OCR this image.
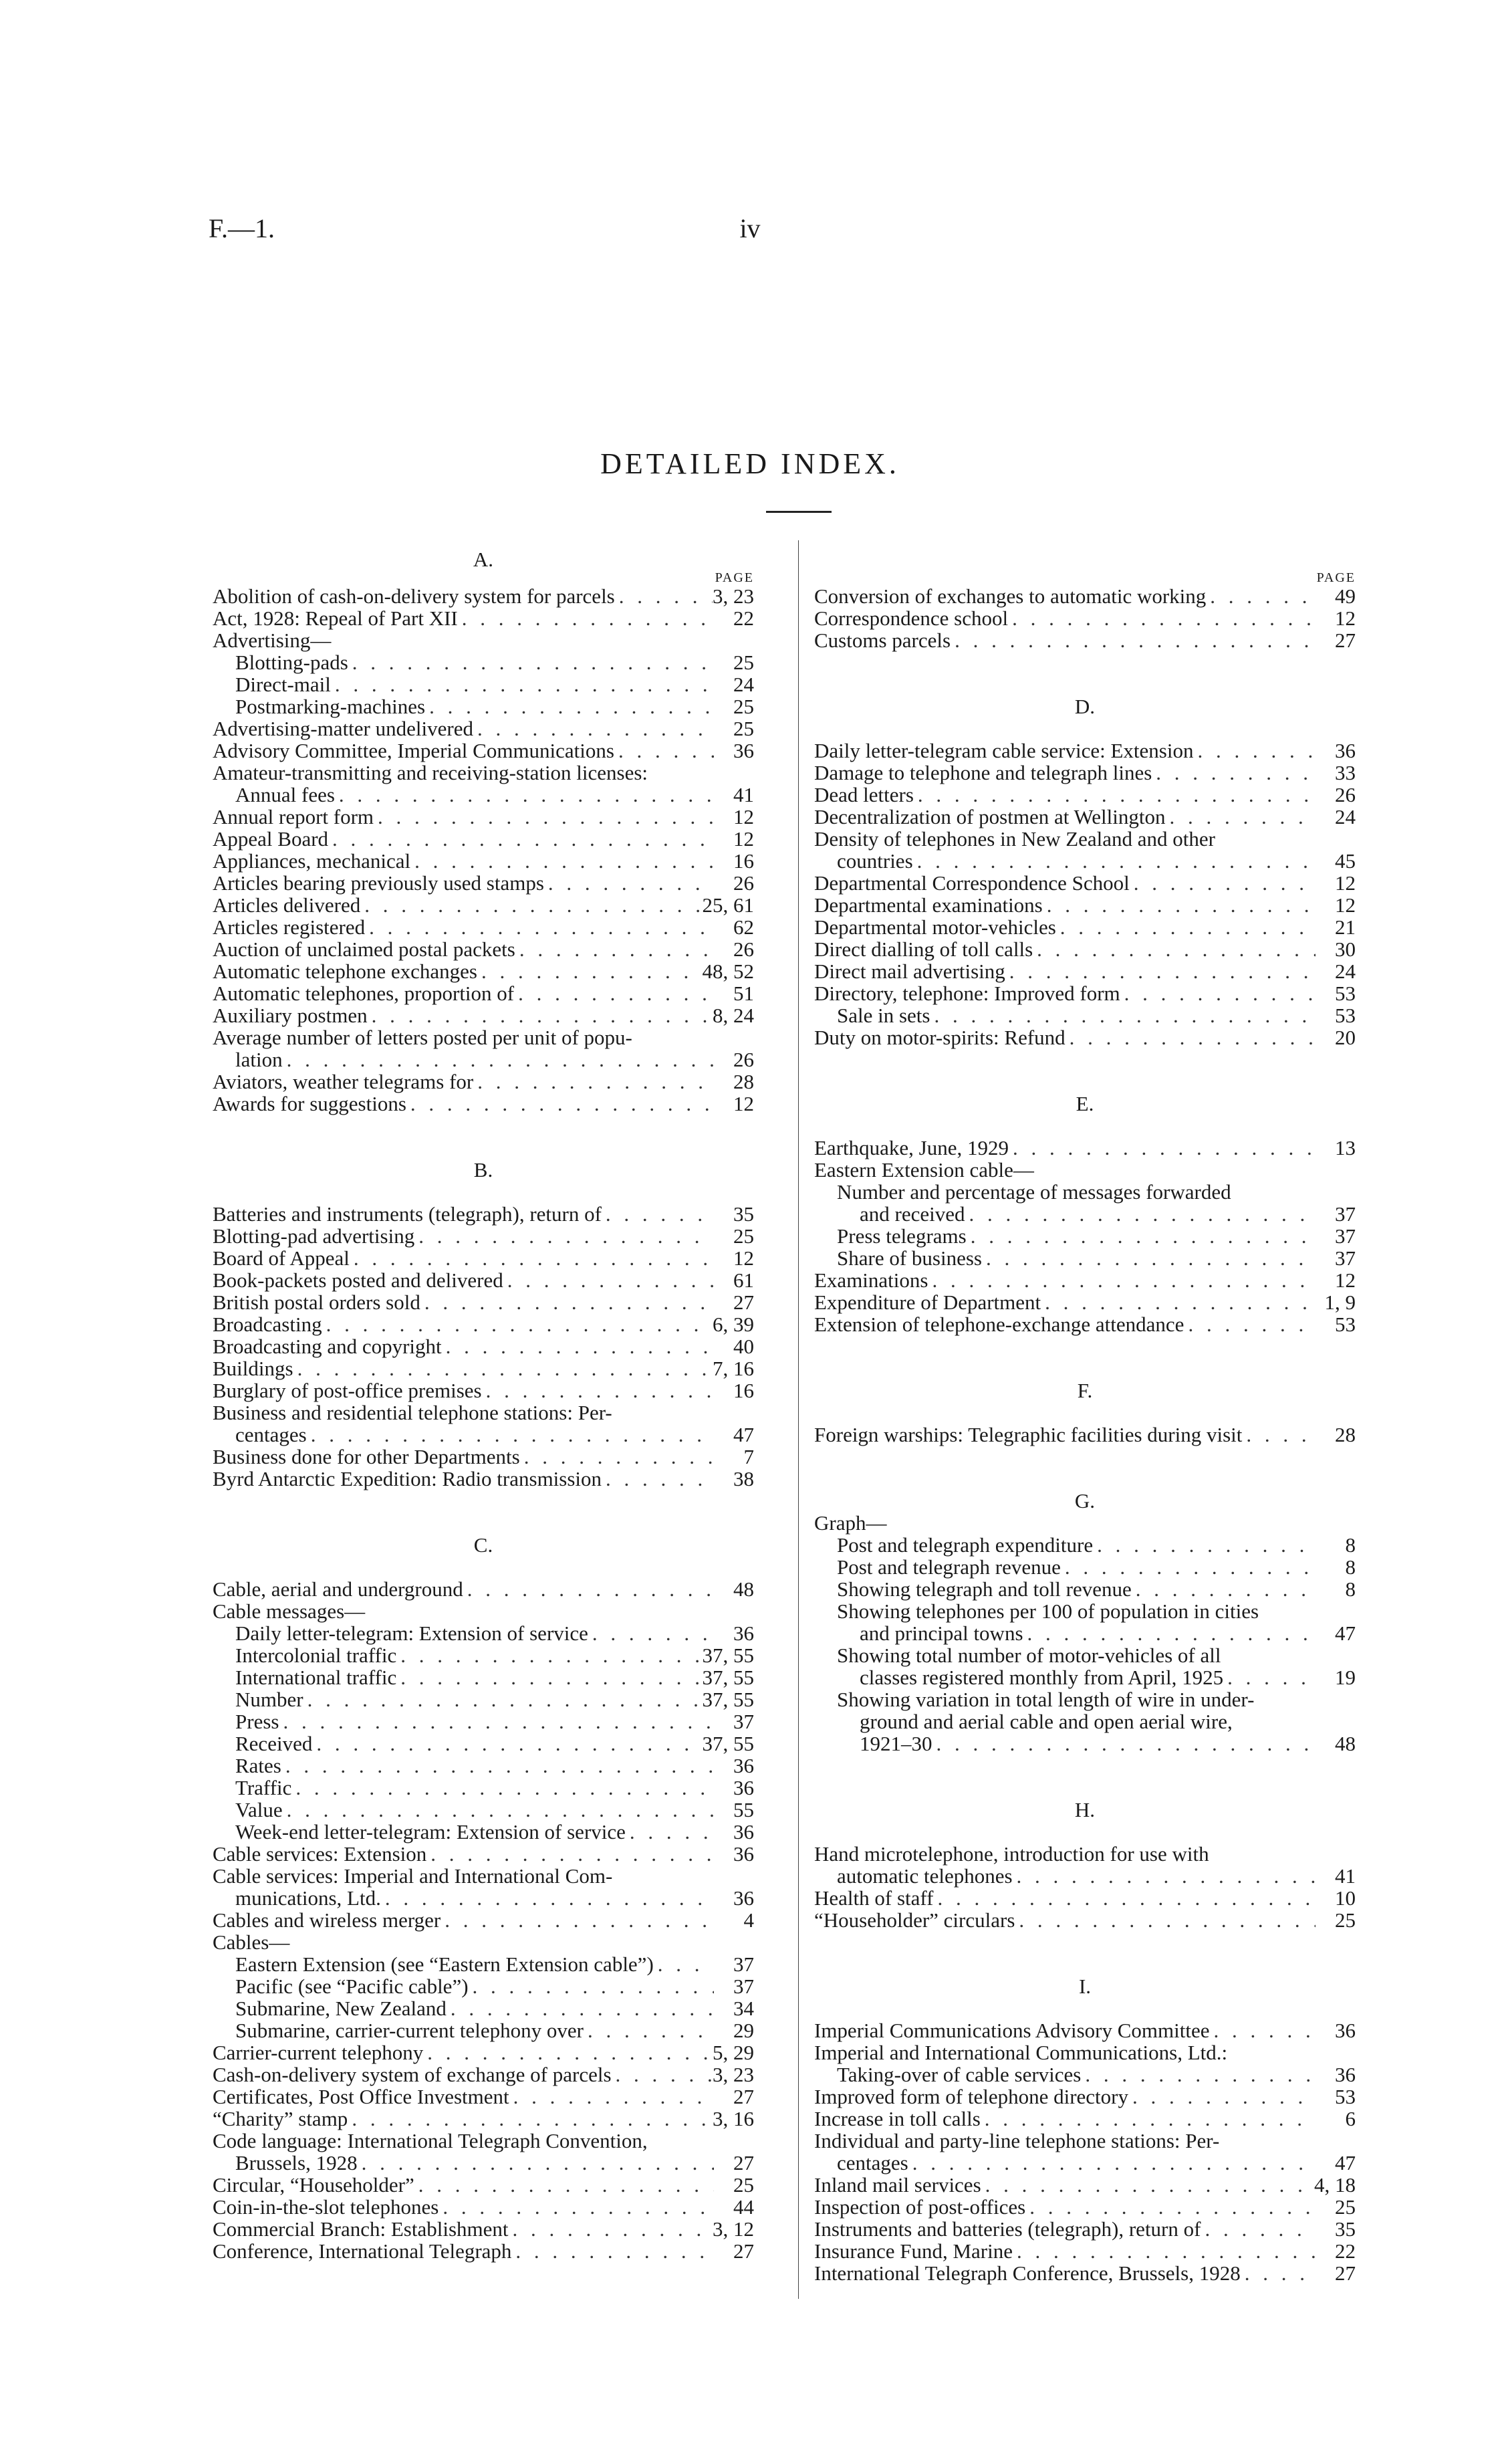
F.—1.	iv
DETAILED INDEX.
A.
PAGE
Abolition of cash-on-delivery system for parcels . . .	3, 23
Act, 1928: Repeal of Part XII . . .	22
Advertising—
Blotting-pads . . .	25
Direct-mail . . .	24
Postmarking-machines . . .	25
Advertising-matter undelivered . . .	25
Advisory Committee, Imperial Communications . . .	36
Amateur-transmitting and receiving-station licenses:
Annual fees . . .	41
Annual report form . . .	12
Appeal Board . . .	12
Appliances, mechanical . . .	16
Articles bearing previously used stamps . . .	26
Articles delivered . . .	25, 61
Articles registered . . .	62
Auction of unclaimed postal packets . . .	26
Automatic telephone exchanges . . .	48, 52
Automatic telephones, proportion of . . .	51
Auxiliary postmen . . .	8, 24
Average number of letters posted per unit of popu-
lation . . .	26
Aviators, weather telegrams for . . .	28
Awards for suggestions . . .	12
B.
Batteries and instruments (telegraph), return of . . .	35
Blotting-pad advertising . . .	25
Board of Appeal . . .	12
Book-packets posted and delivered . . .	61
British postal orders sold . . .	27
Broadcasting . . .	6, 39
Broadcasting and copyright . . .	40
Buildings . . .	7, 16
Burglary of post-office premises . . .	16
Business and residential telephone stations: Per-
centages . . .	47
Business done for other Departments . . .	7
Byrd Antarctic Expedition: Radio transmission . . .	38
C.
Cable, aerial and underground . . .	48
Cable messages—
Daily letter-telegram: Extension of service . . .	36
Intercolonial traffic . . .	37, 55
International traffic . . .	37, 55
Number . . .	37, 55
Press . . .	37
Received . . .	37, 55
Rates . . .	36
Traffic . . .	36
Value . . .	55
Week-end letter-telegram: Extension of service . . .	36
Cable services: Extension . . .	36
Cable services: Imperial and International Com-
munications, Ltd. . . .	36
Cables and wireless merger . . .	4
Cables—
Eastern Extension (see “Eastern Extension cable”) . . .	37
Pacific (see “Pacific cable”) . . .	37
Submarine, New Zealand . . .	34
Submarine, carrier-current telephony over . . .	29
Carrier-current telephony . . .	5, 29
Cash-on-delivery system of exchange of parcels . . .	3, 23
Certificates, Post Office Investment . . .	27
“Charity” stamp . . .	3, 16
Code language: International Telegraph Convention,
Brussels, 1928 . . .	27
Circular, “Householder” . . .	25
Coin-in-the-slot telephones . . .	44
Commercial Branch: Establishment . . .	3, 12
Conference, International Telegraph . . .	27
PAGE
Conversion of exchanges to automatic working . . .	49
Correspondence school . . .	12
Customs parcels . . .	27
D.
Daily letter-telegram cable service: Extension . . .	36
Damage to telephone and telegraph lines . . .	33
Dead letters . . .	26
Decentralization of postmen at Wellington . . .	24
Density of telephones in New Zealand and other
countries . . .	45
Departmental Correspondence School . . .	12
Departmental examinations . . .	12
Departmental motor-vehicles . . .	21
Direct dialling of toll calls . . .	30
Direct mail advertising . . .	24
Directory, telephone: Improved form . . .	53
Sale in sets . . .	53
Duty on motor-spirits: Refund . . .	20
E.
Earthquake, June, 1929 . . .	13
Eastern Extension cable—
Number and percentage of messages forwarded
and received . . .	37
Press telegrams . . .	37
Share of business . . .	37
Examinations . . .	12
Expenditure of Department . . .	1, 9
Extension of telephone-exchange attendance . . .	53
F.
Foreign warships: Telegraphic facilities during visit . . .	28
G.
Graph—
Post and telegraph expenditure . . .	8
Post and telegraph revenue . . .	8
Showing telegraph and toll revenue . . .	8
Showing telephones per 100 of population in cities
and principal towns . . .	47
Showing total number of motor-vehicles of all
classes registered monthly from April, 1925 . . .	19
Showing variation in total length of wire in under-
ground and aerial cable and open aerial wire,
1921–30 . . .	48
H.
Hand microtelephone, introduction for use with
automatic telephones . . .	41
Health of staff . . .	10
“Householder” circulars . . .	25
I.
Imperial Communications Advisory Committee . . .	36
Imperial and International Communications, Ltd.:
Taking-over of cable services . . .	36
Improved form of telephone directory . . .	53
Increase in toll calls . . .	6
Individual and party-line telephone stations: Per-
centages . . .	47
Inland mail services . . .	4, 18
Inspection of post-offices . . .	25
Instruments and batteries (telegraph), return of . . .	35
Insurance Fund, Marine . . .	22
International Telegraph Conference, Brussels, 1928 . . .	27
